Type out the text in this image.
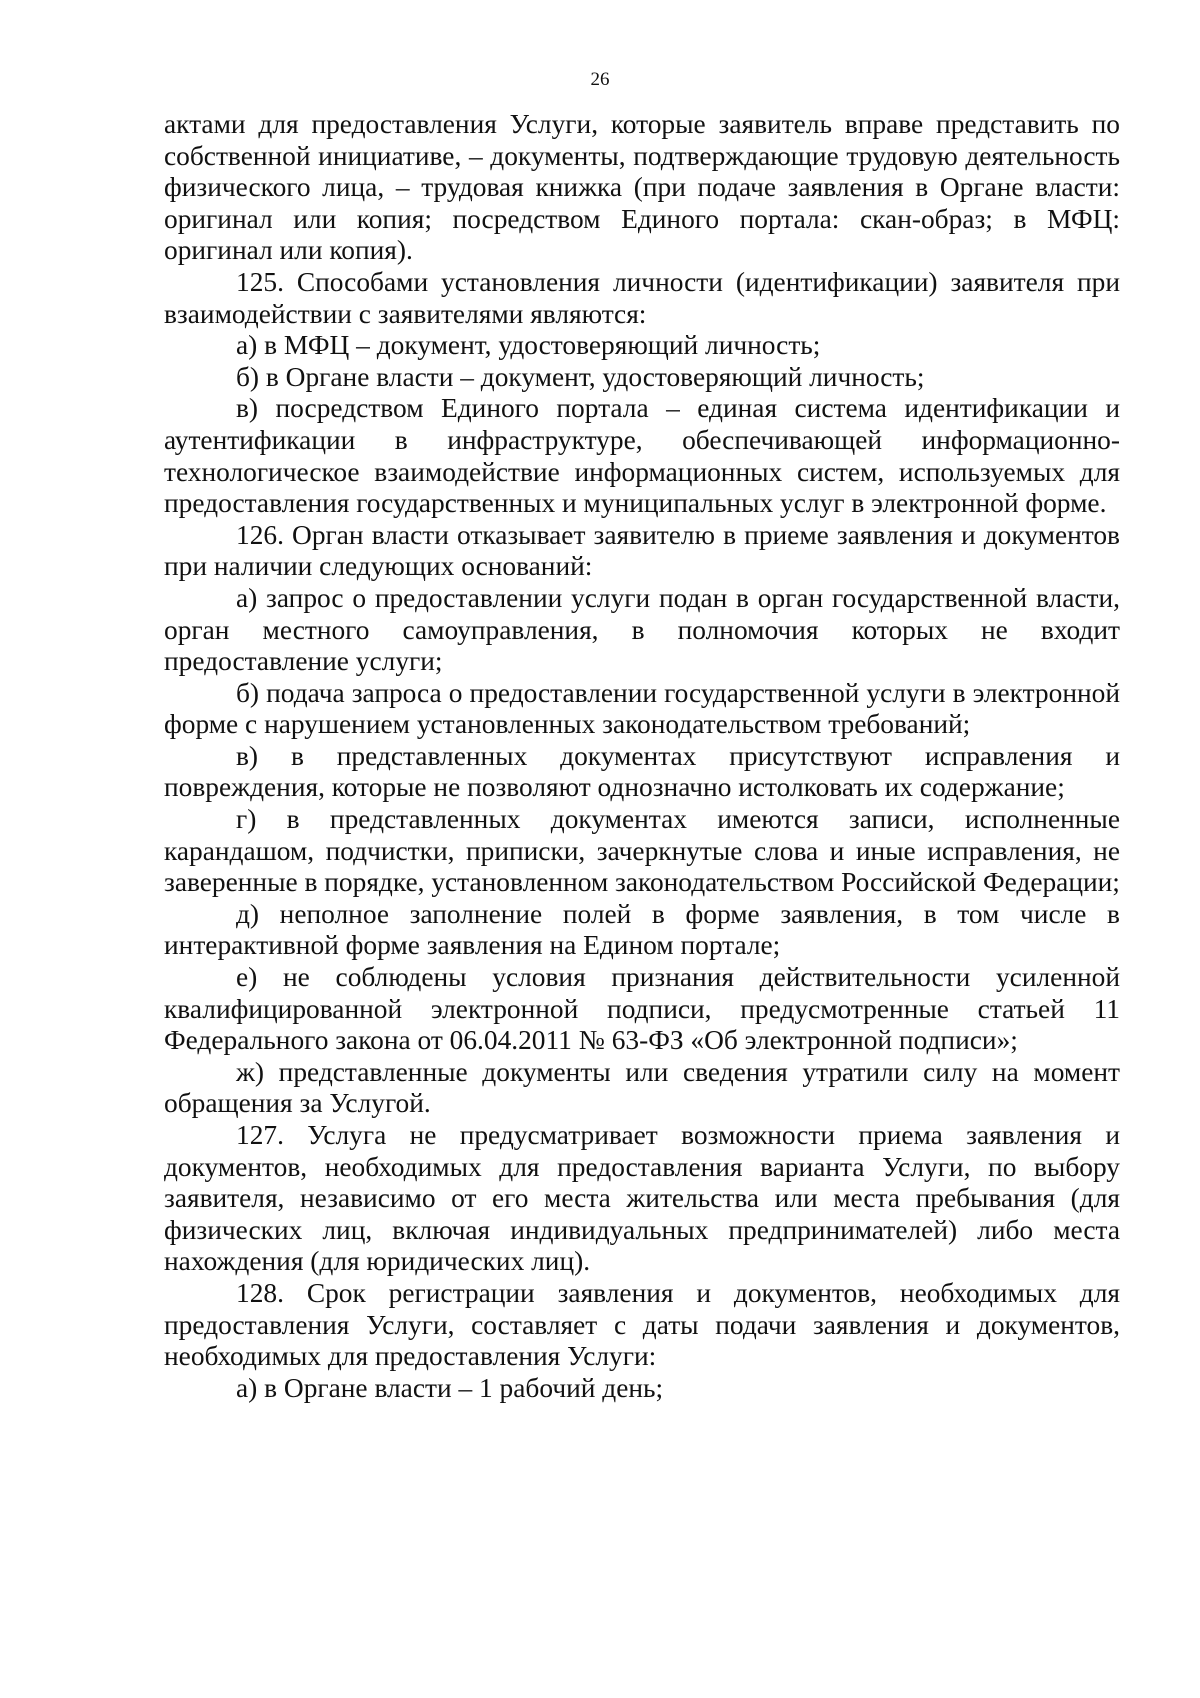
26

актами для предоставления Услуги, которые заявитель вправе представить по собственной инициативе, – документы, подтверждающие трудовую деятельность физического лица, – трудовая книжка (при подаче заявления в Органе власти: оригинал или копия; посредством Единого портала: скан-образ; в МФЦ: оригинал или копия).

125. Способами установления личности (идентификации) заявителя при взаимодействии с заявителями являются:

а) в МФЦ – документ, удостоверяющий личность;

б) в Органе власти – документ, удостоверяющий личность;

в) посредством Единого портала – единая система идентификации и аутентификации в инфраструктуре, обеспечивающей информационно-технологическое взаимодействие информационных систем, используемых для предоставления государственных и муниципальных услуг в электронной форме.

126. Орган власти отказывает заявителю в приеме заявления и документов при наличии следующих оснований:

а) запрос о предоставлении услуги подан в орган государственной власти, орган местного самоуправления, в полномочия которых не входит предоставление услуги;

б) подача запроса о предоставлении государственной услуги в электронной форме с нарушением установленных законодательством требований;

в) в представленных документах присутствуют исправления и повреждения, которые не позволяют однозначно истолковать их содержание;

г) в представленных документах имеются записи, исполненные карандашом, подчистки, приписки, зачеркнутые слова и иные исправления, не заверенные в порядке, установленном законодательством Российской Федерации;

д) неполное заполнение полей в форме заявления, в том числе в интерактивной форме заявления на Едином портале;

е) не соблюдены условия признания действительности усиленной квалифицированной электронной подписи, предусмотренные статьей 11 Федерального закона от 06.04.2011 № 63-ФЗ «Об электронной подписи»;

ж) представленные документы или сведения утратили силу на момент обращения за Услугой.

127. Услуга не предусматривает возможности приема заявления и документов, необходимых для предоставления варианта Услуги, по выбору заявителя, независимо от его места жительства или места пребывания (для физических лиц, включая индивидуальных предпринимателей) либо места нахождения (для юридических лиц).

128. Срок регистрации заявления и документов, необходимых для предоставления Услуги, составляет с даты подачи заявления и документов, необходимых для предоставления Услуги:

а) в Органе власти – 1 рабочий день;
